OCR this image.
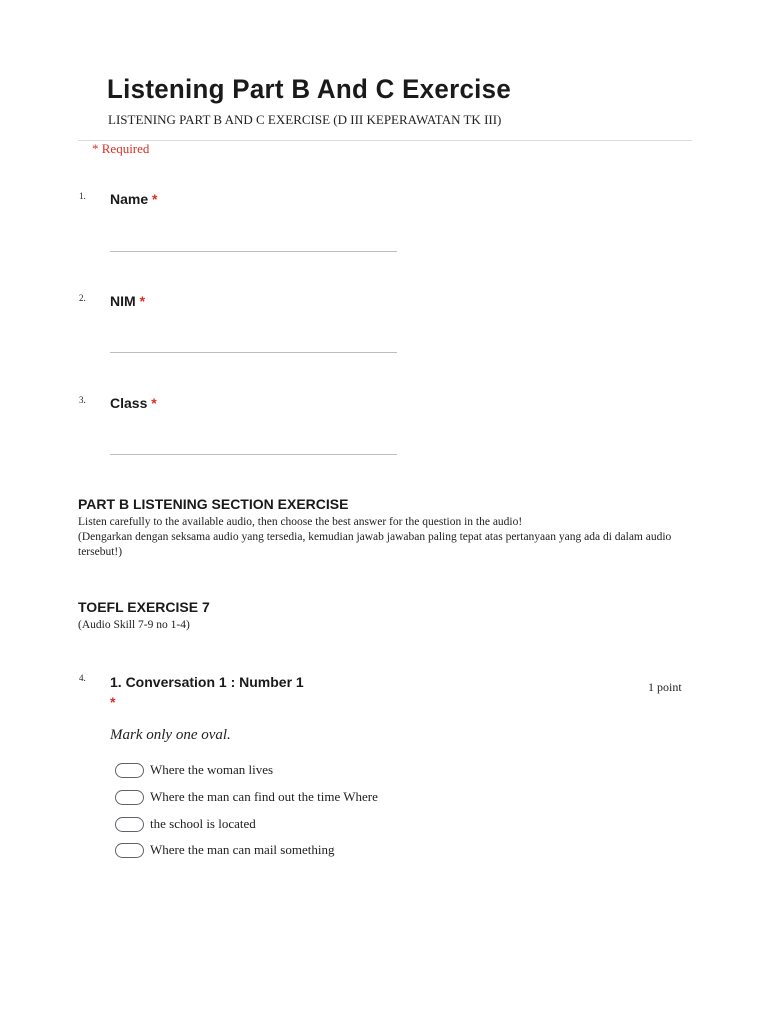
Listening Part B And C Exercise
LISTENING PART B AND C EXERCISE (D III KEPERAWATAN TK III)
* Required
1. Name *
2. NIM *
3. Class *
PART B LISTENING SECTION EXERCISE
Listen carefully to the available audio, then choose the best answer for the question in the audio!
(Dengarkan dengan seksama audio yang tersedia, kemudian jawab jawaban paling tepat atas pertanyaan yang ada di dalam audio tersebut!)
TOEFL EXERCISE 7
(Audio Skill 7-9 no 1-4)
4. 1. Conversation 1 : Number 1
*
1 point
Mark only one oval.
Where the woman lives
Where the man can find out the time Where
the school is located
Where the man can mail something
